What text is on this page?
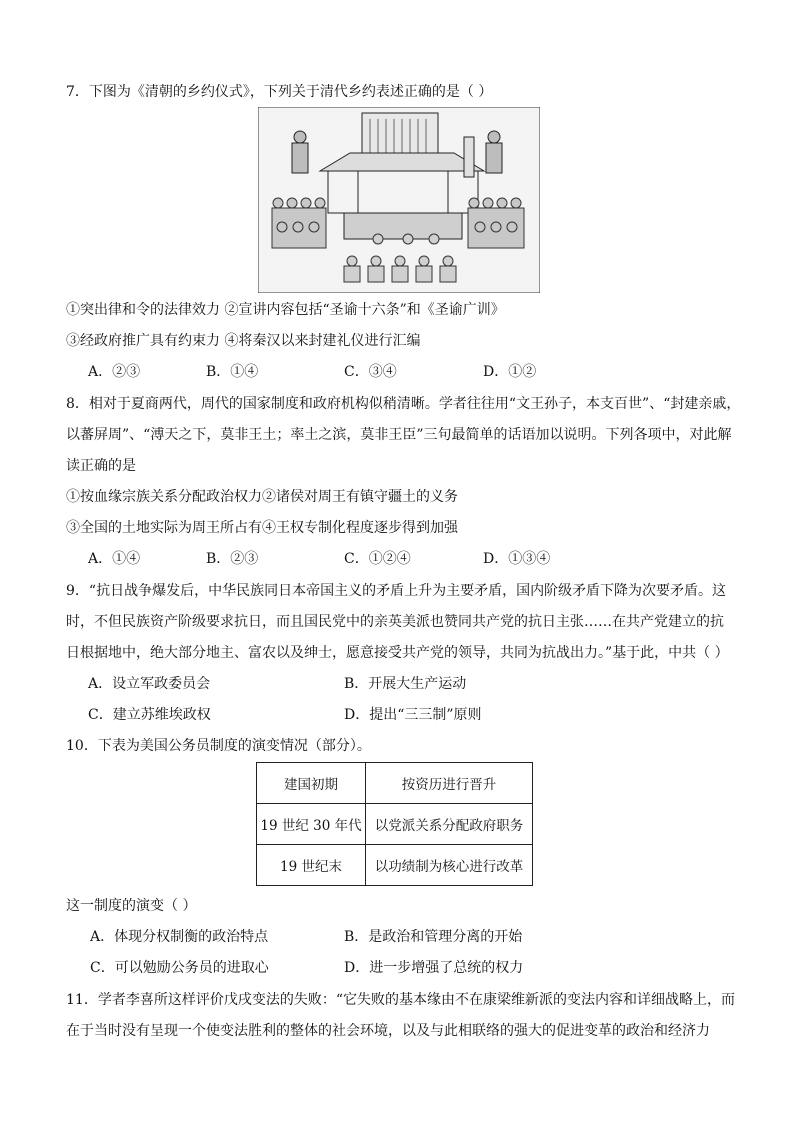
7．下图为《清朝的乡约仪式》，下列关于清代乡约表述正确的是（ ）
①突出律和令的法律效力 ②宣讲内容包括“圣谕十六条”和《圣谕广训》
③经政府推广具有约束力 ④将秦汉以来封建礼仪进行汇编
A．②③	B．①④	C．③④	D．①②
8．相对于夏商两代，周代的国家制度和政府机构似稍清晰。学者往往用“文王孙子，本支百世”、“封建亲戚，
以蕃屏周”、“溥天之下，莫非王土；率土之滨，莫非王臣”三句最简单的话语加以说明。下列各项中，对此解
读正确的是
①按血缘宗族关系分配政治权力②诸侯对周王有镇守疆土的义务
③全国的土地实际为周王所占有④王权专制化程度逐步得到加强
A．①④	B．②③	C．①②④	D．①③④
9．“抗日战争爆发后，中华民族同日本帝国主义的矛盾上升为主要矛盾，国内阶级矛盾下降为次要矛盾。这
时，不但民族资产阶级要求抗日，而且国民党中的亲英美派也赞同共产党的抗日主张……在共产党建立的抗
日根据地中，绝大部分地主、富农以及绅士，愿意接受共产党的领导，共同为抗战出力。”基于此，中共（ ）
A．设立军政委员会	B．开展大生产运动
C．建立苏维埃政权	D．提出“三三制”原则
10．下表为美国公务员制度的演变情况（部分）。
建国初期	按资历进行晋升
19 世纪 30 年代	以党派关系分配政府职务
19 世纪末	以功绩制为核心进行改革
这一制度的演变（ ）
A．体现分权制衡的政治特点	B．是政治和管理分离的开始
C．可以勉励公务员的进取心	D．进一步增强了总统的权力
11．学者李喜所这样评价戊戌变法的失败：“它失败的基本缘由不在康梁维新派的变法内容和详细战略上，而
在于当时没有呈现一个使变法胜利的整体的社会环境，以及与此相联络的强大的促进变革的政治和经济力
